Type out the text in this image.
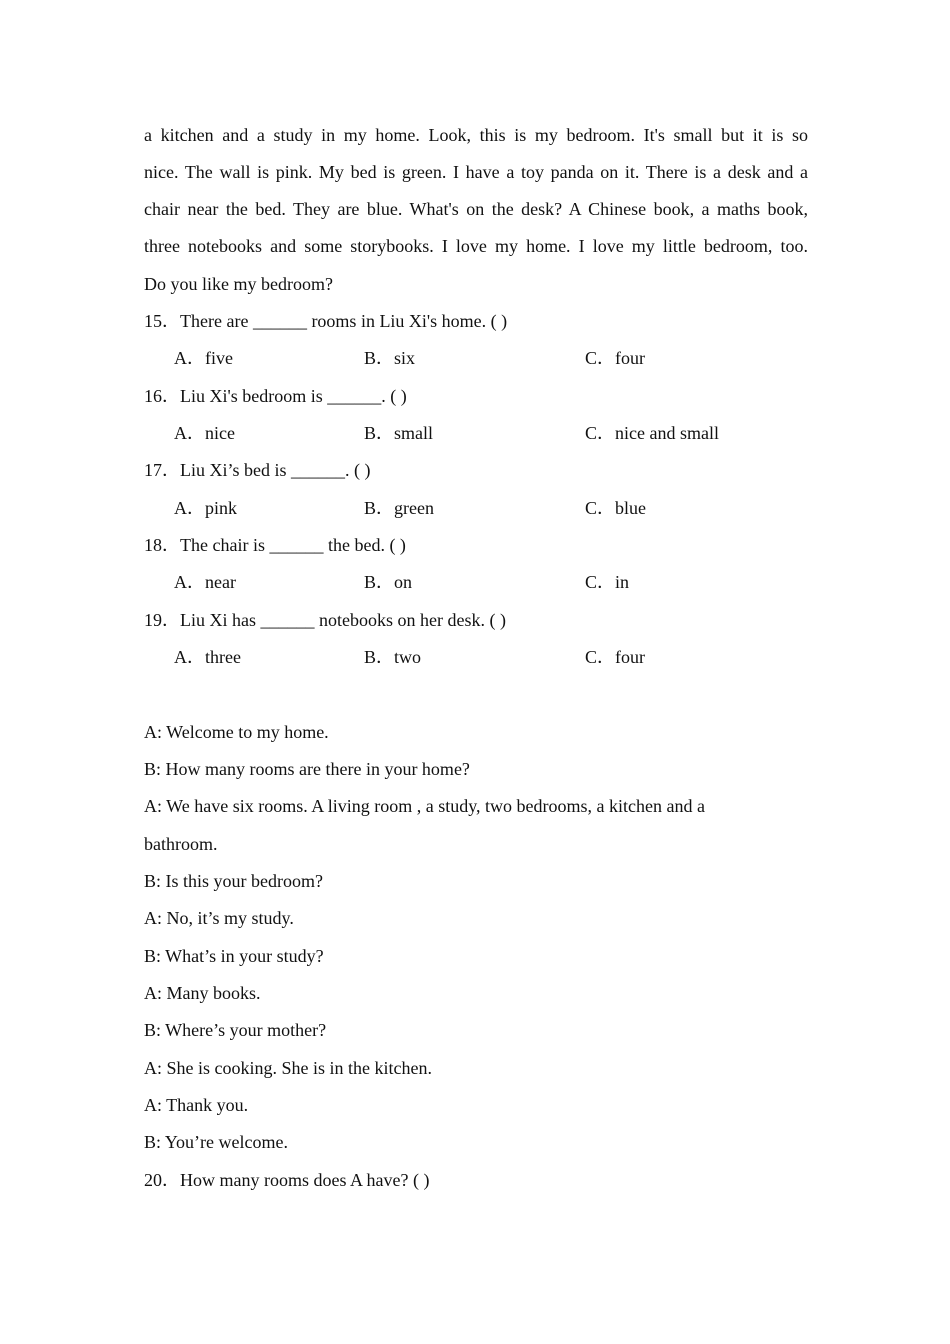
a kitchen and a study in my home. Look, this is my bedroom. It's small but it is so
nice. The wall is pink. My bed is green. I have a toy panda on it. There is a desk and a
chair near the bed. They are blue. What's on the desk? A Chinese book, a maths book,
three notebooks and some storybooks. I love my home. I love my little bedroom, too.
Do you like my bedroom?
15．There are ______ rooms in Liu Xi's home. ( )
A．five	B．six	C．four
16．Liu Xi's bedroom is ______. ( )
A．nice	B．small	C．nice and small
17．Liu Xi’s bed is ______. ( )
A．pink	B．green	C．blue
18．The chair is ______ the bed. ( )
A．near	B．on	C．in
19．Liu Xi has ______ notebooks on her desk. ( )
A．three	B．two	C．four
A: Welcome to my home.
B: How many rooms are there in your home?
A: We have six rooms. A living room , a study, two bedrooms, a kitchen and a
bathroom.
B: Is this your bedroom?
A: No, it’s my study.
B: What’s in your study?
A: Many books.
B: Where’s your mother?
A: She is cooking. She is in the kitchen.
A: Thank you.
B: You’re welcome.
20．How many rooms does A have? ( )
